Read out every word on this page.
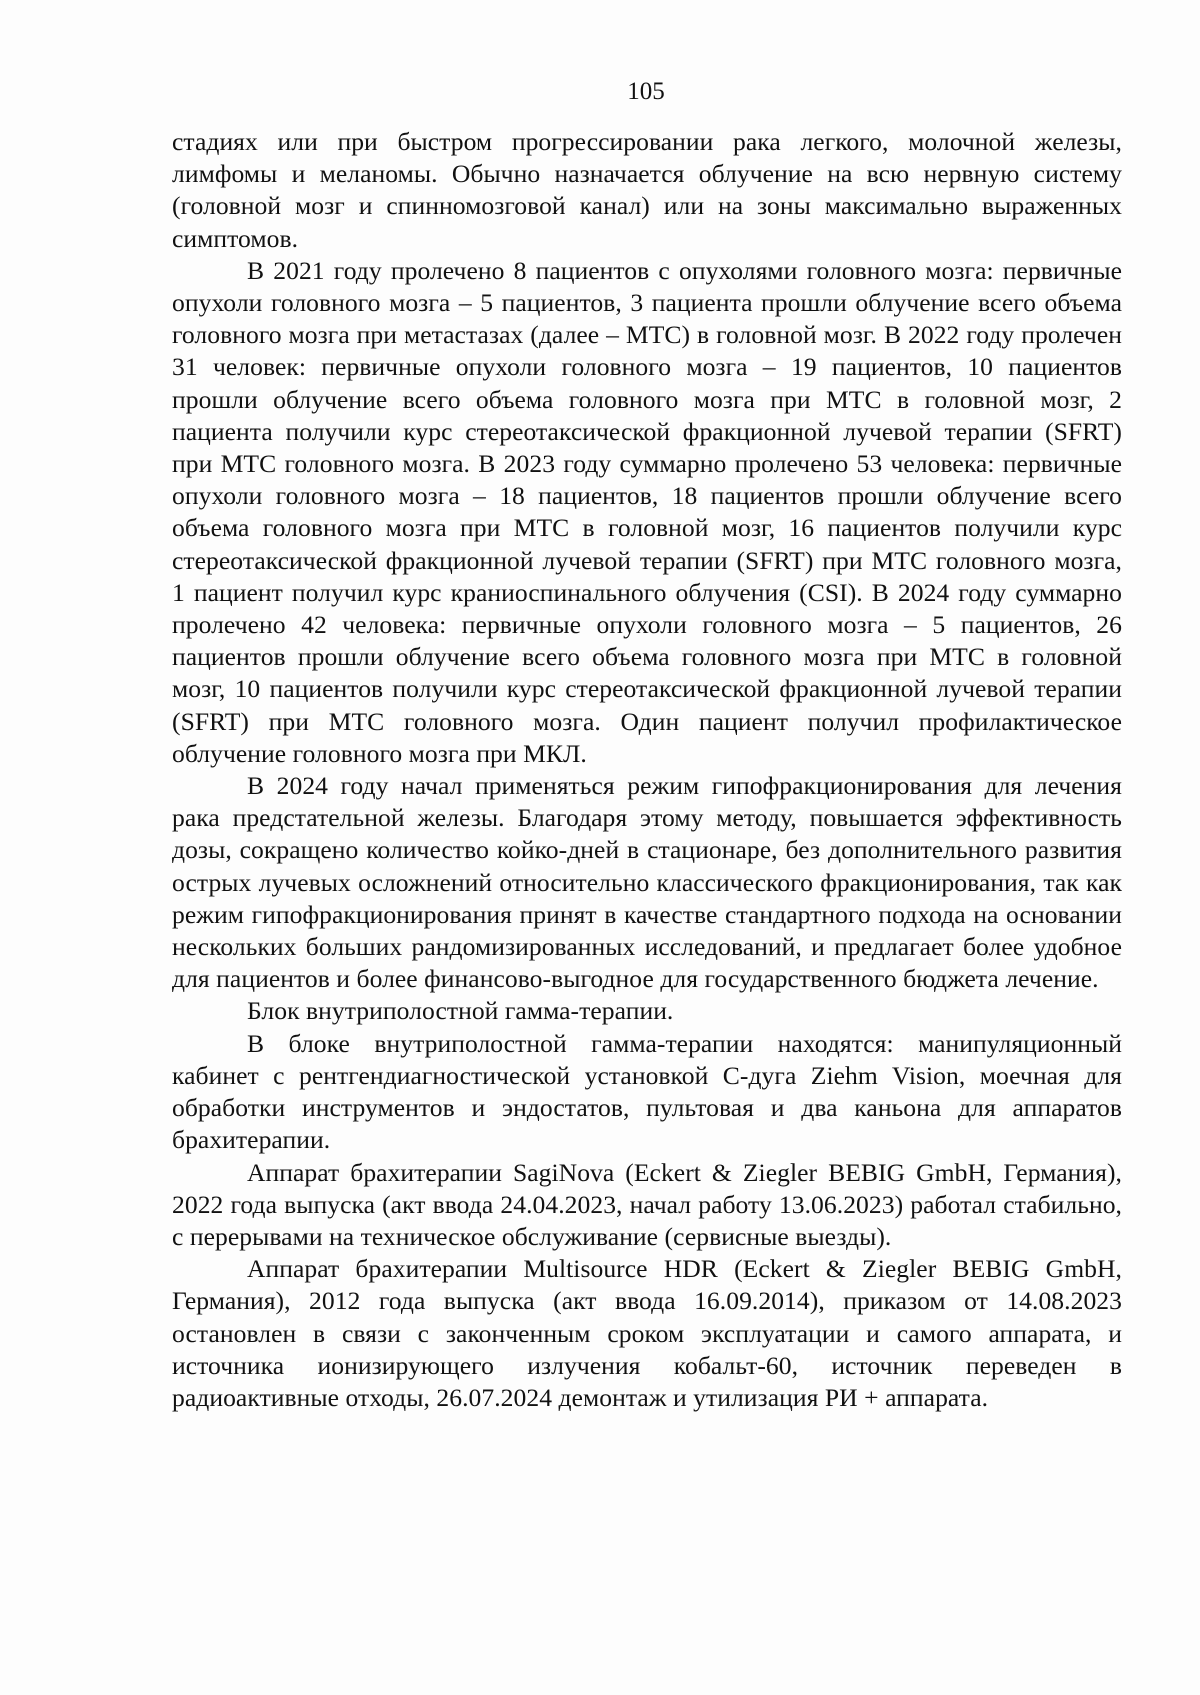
105

стадиях или при быстром прогрессировании рака легкого, молочной железы, лимфомы и меланомы. Обычно назначается облучение на всю нервную систему (головной мозг и спинномозговой канал) или на зоны максимально выраженных симптомов.

В 2021 году пролечено 8 пациентов с опухолями головного мозга: первичные опухоли головного мозга – 5 пациентов, 3 пациента прошли облучение всего объема головного мозга при метастазах (далее – МТС) в головной мозг. В 2022 году пролечен 31 человек: первичные опухоли головного мозга – 19 пациентов, 10 пациентов прошли облучение всего объема головного мозга при МТС в головной мозг, 2 пациента получили курс стереотаксической фракционной лучевой терапии (SFRT) при МТС головного мозга. В 2023 году суммарно пролечено 53 человека: первичные опухоли головного мозга – 18 пациентов, 18 пациентов прошли облучение всего объема головного мозга при МТС в головной мозг, 16 пациентов получили курс стереотаксической фракционной лучевой терапии (SFRT) при МТС головного мозга, 1 пациент получил курс краниоспинального облучения (CSI). В 2024 году суммарно пролечено 42 человека: первичные опухоли головного мозга – 5 пациентов, 26 пациентов прошли облучение всего объема головного мозга при МТС в головной мозг, 10 пациентов получили курс стереотаксической фракционной лучевой терапии (SFRT) при МТС головного мозга. Один пациент получил профилактическое облучение головного мозга при МКЛ.

В 2024 году начал применяться режим гипофракционирования для лечения рака предстательной железы. Благодаря этому методу, повышается эффективность дозы, сокращено количество койко-дней в стационаре, без дополнительного развития острых лучевых осложнений относительно классического фракционирования, так как режим гипофракционирования принят в качестве стандартного подхода на основании нескольких больших рандомизированных исследований, и предлагает более удобное для пациентов и более финансово-выгодное для государственного бюджета лечение.

Блок внутриполостной гамма-терапии.

В блоке внутриполостной гамма-терапии находятся: манипуляционный кабинет с рентгендиагностической установкой С-дуга Ziehm Vision, моечная для обработки инструментов и эндостатов, пультовая и два каньона для аппаратов брахитерапии.

Аппарат брахитерапии SagiNova (Eckert & Ziegler BEBIG GmbH, Германия), 2022 года выпуска (акт ввода 24.04.2023, начал работу 13.06.2023) работал стабильно, с перерывами на техническое обслуживание (сервисные выезды).

Аппарат брахитерапии Multisource HDR (Eckert & Ziegler BEBIG GmbH, Германия), 2012 года выпуска (акт ввода 16.09.2014), приказом от 14.08.2023 остановлен в связи с законченным сроком эксплуатации и самого аппарата, и источника ионизирующего излучения кобальт-60, источник переведен в радиоактивные отходы, 26.07.2024 демонтаж и утилизация РИ + аппарата.
